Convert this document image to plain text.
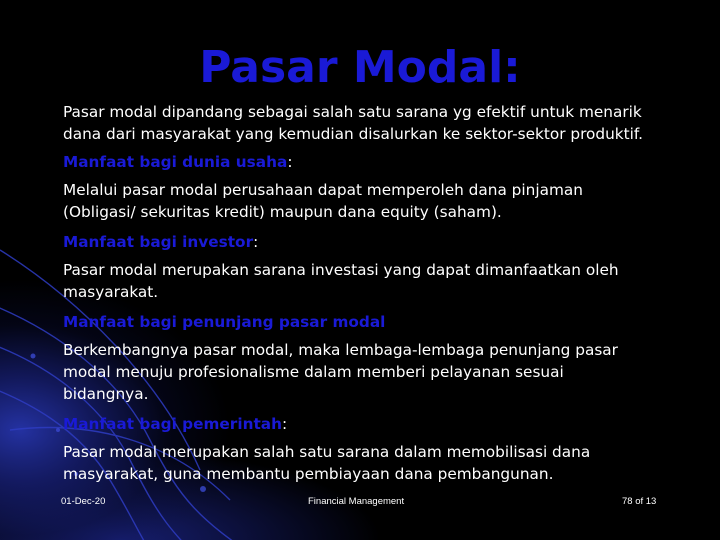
Pasar Modal:

Pasar modal dipandang sebagai salah satu sarana yg efektif untuk menarik
dana dari masyarakat yang kemudian disalurkan ke sektor-sektor produktif.

Manfaat bagi dunia usaha:

Melalui pasar modal perusahaan dapat memperoleh dana pinjaman
(Obligasi/ sekuritas kredit) maupun dana equity (saham).

Manfaat bagi investor:

Pasar modal merupakan sarana investasi yang dapat dimanfaatkan oleh
masyarakat.

Manfaat bagi penunjang pasar modal

Berkembangnya pasar modal, maka lembaga-lembaga penunjang pasar
modal menuju profesionalisme dalam memberi pelayanan sesuai
bidangnya.

Manfaat bagi pemerintah:

Pasar modal merupakan salah satu sarana dalam memobilisasi dana
masyarakat, guna membantu pembiayaan dana pembangunan.

01-Dec-20	Financial Management	78 of 13
